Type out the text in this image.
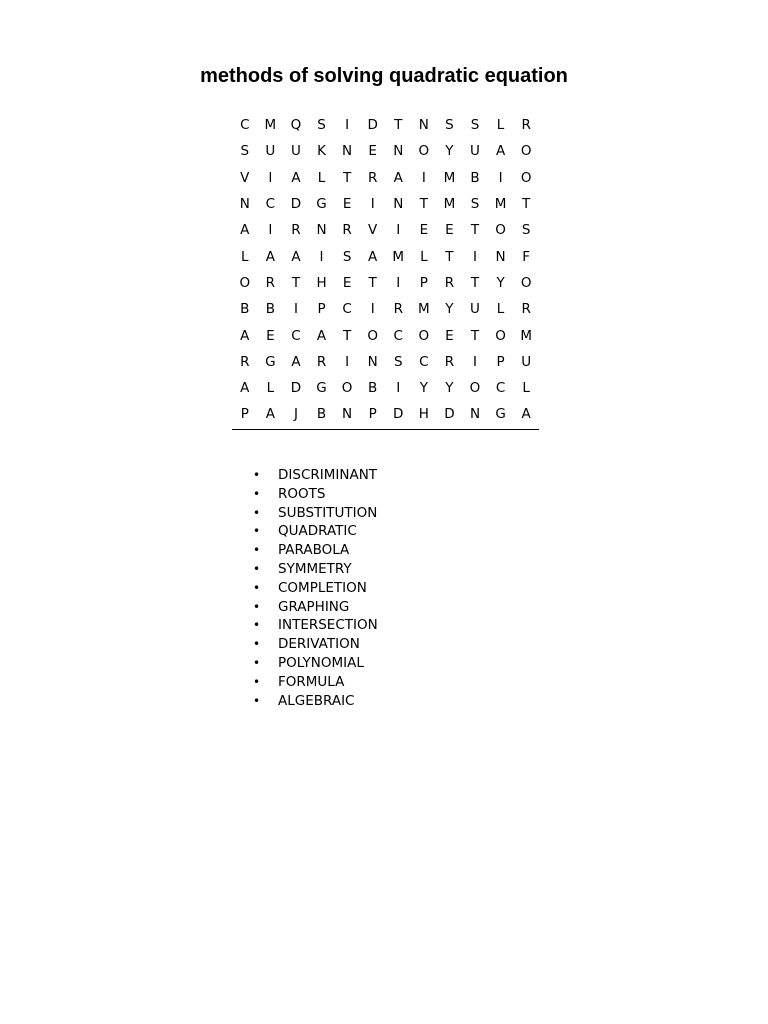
methods of solving quadratic equation
C	M	Q	S	I	D	T	N	S	S	L	R
S	U	U	K	N	E	N	O	Y	U	A	O
V	I	A	L	T	R	A	I	M	B	I	O
N	C	D	G	E	I	N	T	M	S	M	T
A	I	R	N	R	V	I	E	E	T	O	S
L	A	A	I	S	A	M	L	T	I	N	F
O	R	T	H	E	T	I	P	R	T	Y	O
B	B	I	P	C	I	R	M	Y	U	L	R
A	E	C	A	T	O	C	O	E	T	O	M
R	G	A	R	I	N	S	C	R	I	P	U
A	L	D	G	O	B	I	Y	Y	O	C	L
P	A	J	B	N	P	D	H	D	N	G	A
• DISCRIMINANT
• ROOTS
• SUBSTITUTION
• QUADRATIC
• PARABOLA
• SYMMETRY
• COMPLETION
• GRAPHING
• INTERSECTION
• DERIVATION
• POLYNOMIAL
• FORMULA
• ALGEBRAIC
